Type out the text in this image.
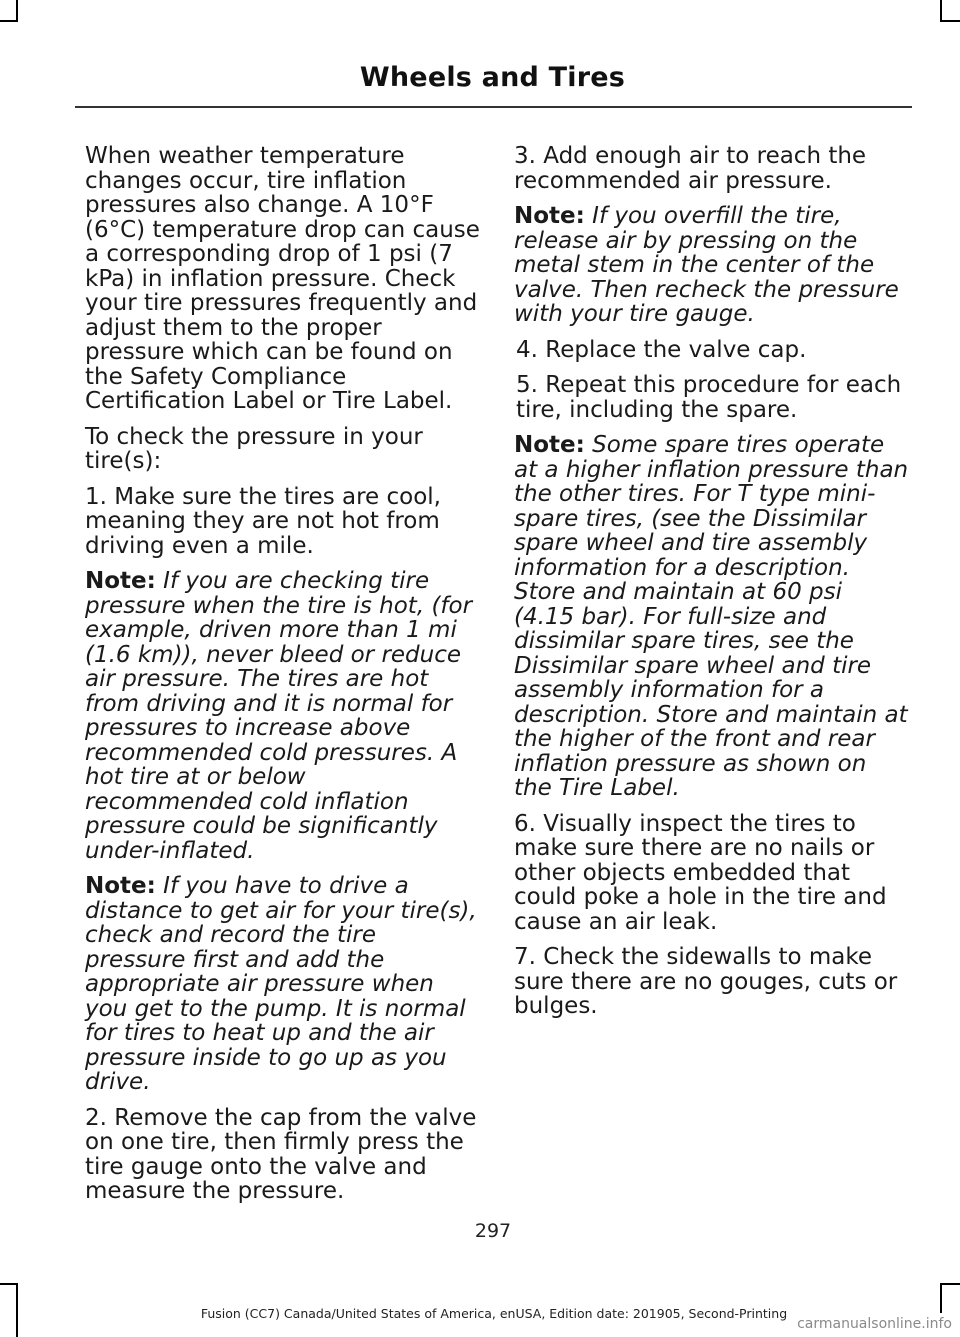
Wheels and Tires

When weather temperature changes occur, tire inflation pressures also change. A 10°F (6°C) temperature drop can cause a corresponding drop of 1 psi (7 kPa) in inflation pressure. Check your tire pressures frequently and adjust them to the proper pressure which can be found on the Safety Compliance Certification Label or Tire Label.

To check the pressure in your tire(s):

1. Make sure the tires are cool, meaning they are not hot from driving even a mile.

Note: If you are checking tire pressure when the tire is hot, (for example, driven more than 1 mi (1.6 km)), never bleed or reduce air pressure. The tires are hot from driving and it is normal for pressures to increase above recommended cold pressures. A hot tire at or below recommended cold inflation pressure could be significantly under-inflated.

Note: If you have to drive a distance to get air for your tire(s), check and record the tire pressure first and add the appropriate air pressure when you get to the pump. It is normal for tires to heat up and the air pressure inside to go up as you drive.

2. Remove the cap from the valve on one tire, then firmly press the tire gauge onto the valve and measure the pressure.

3. Add enough air to reach the recommended air pressure.

Note: If you overfill the tire, release air by pressing on the metal stem in the center of the valve. Then recheck the pressure with your tire gauge.

4. Replace the valve cap.

5. Repeat this procedure for each tire, including the spare.

Note: Some spare tires operate at a higher inflation pressure than the other tires. For T type mini-spare tires, (see the Dissimilar spare wheel and tire assembly information for a description. Store and maintain at 60 psi (4.15 bar). For full-size and dissimilar spare tires, see the Dissimilar spare wheel and tire assembly information for a description. Store and maintain at the higher of the front and rear inflation pressure as shown on the Tire Label.

6. Visually inspect the tires to make sure there are no nails or other objects embedded that could poke a hole in the tire and cause an air leak.

7. Check the sidewalls to make sure there are no gouges, cuts or bulges.

297
Fusion (CC7) Canada/United States of America, enUSA, Edition date: 201905, Second-Printing
carmanualsonline.info
